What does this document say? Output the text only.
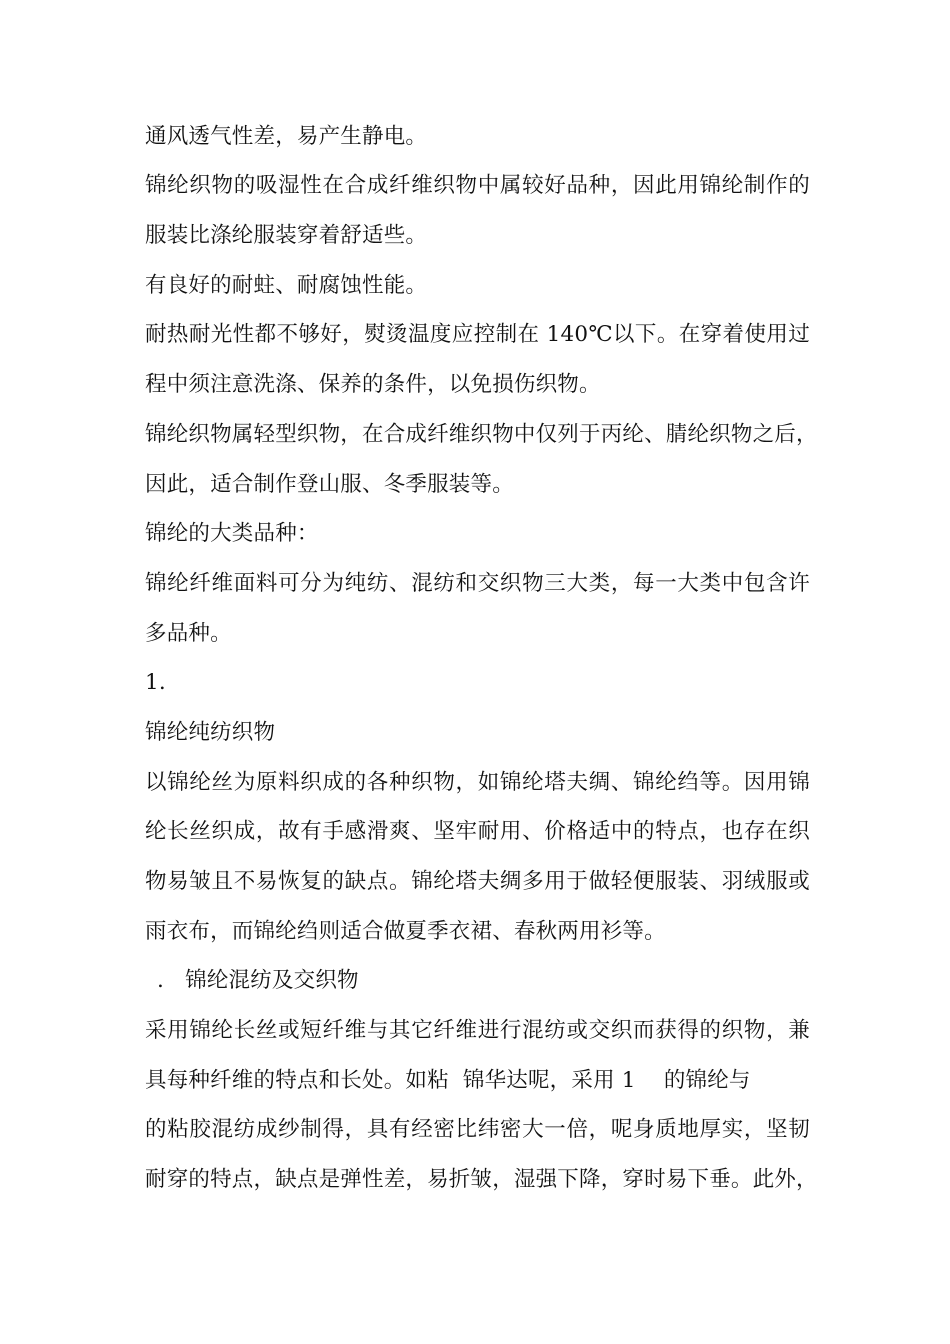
通风透气性差，易产生静电。
锦纶织物的吸湿性在合成纤维织物中属较好品种，因此用锦纶制作的
服装比涤纶服装穿着舒适些。
有良好的耐蛀、耐腐蚀性能。
耐热耐光性都不够好，熨烫温度应控制在 140℃以下。在穿着使用过
程中须注意洗涤、保养的条件，以免损伤织物。
锦纶织物属轻型织物，在合成纤维织物中仅列于丙纶、腈纶织物之后，
因此，适合制作登山服、冬季服装等。
锦纶的大类品种：
锦纶纤维面料可分为纯纺、混纺和交织物三大类，每一大类中包含许
多品种。
1.
锦纶纯纺织物
以锦纶丝为原料织成的各种织物，如锦纶塔夫绸、锦纶绉等。因用锦
纶长丝织成，故有手感滑爽、坚牢耐用、价格适中的特点，也存在织
物易皱且不易恢复的缺点。锦纶塔夫绸多用于做轻便服装、羽绒服或
雨衣布，而锦纶绉则适合做夏季衣裙、春秋两用衫等。
.   锦纶混纺及交织物
采用锦纶长丝或短纤维与其它纤维进行混纺或交织而获得的织物，兼
具每种纤维的特点和长处。如粘  锦华达呢，采用 1    的锦纶与
的粘胶混纺成纱制得，具有经密比纬密大一倍，呢身质地厚实，坚韧
耐穿的特点，缺点是弹性差，易折皱，湿强下降，穿时易下垂。此外，
